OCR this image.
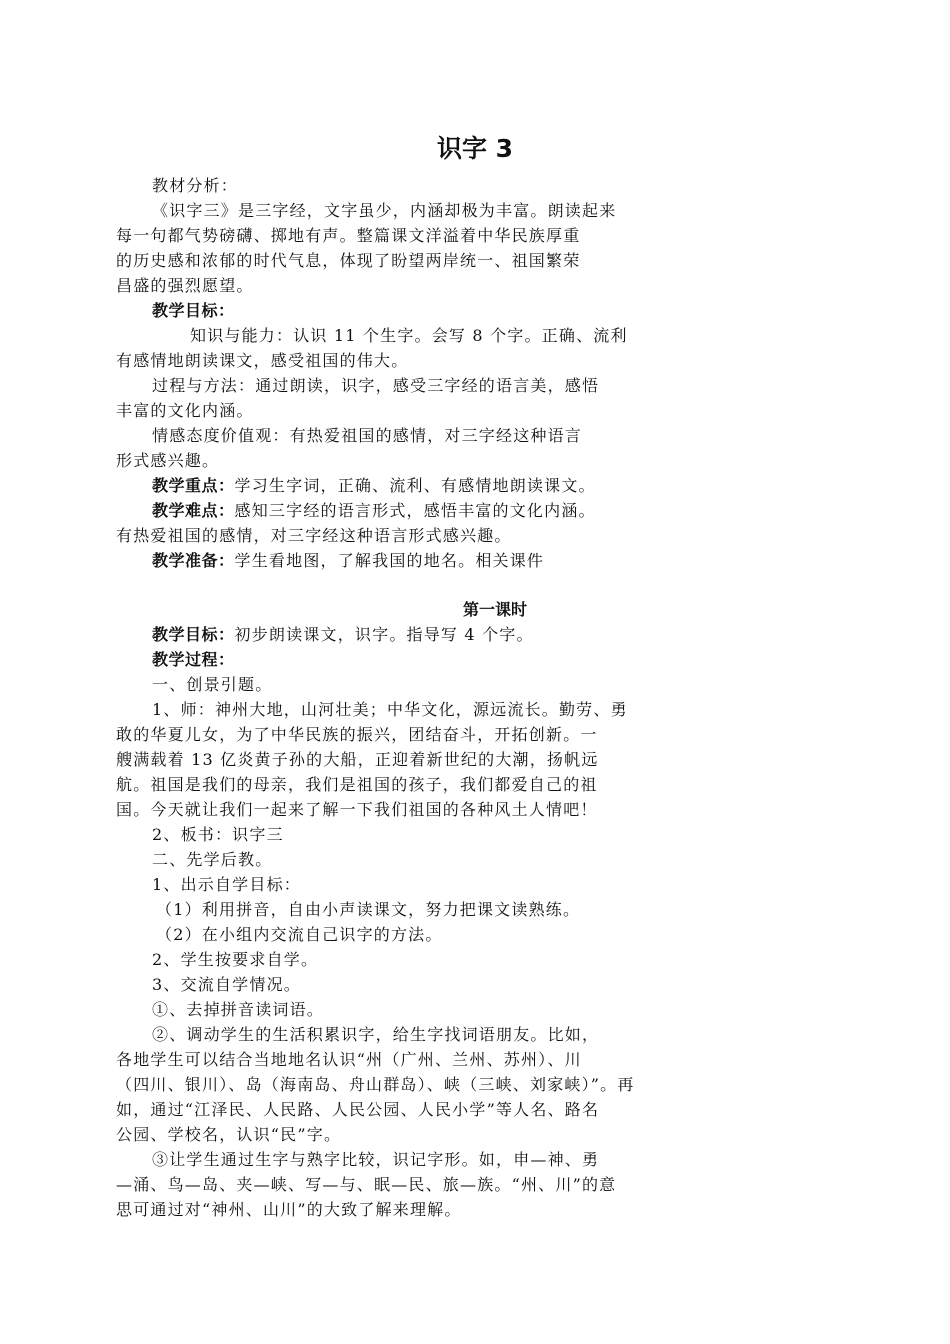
识字 3
教材分析：
《识字三》是三字经，文字虽少，内涵却极为丰富。朗读起来
每一句都气势磅礴、掷地有声。整篇课文洋溢着中华民族厚重
的历史感和浓郁的时代气息，体现了盼望两岸统一、祖国繁荣
昌盛的强烈愿望。
教学目标：
知识与能力：认识 11 个生字。会写 8 个字。正确、流利
有感情地朗读课文，感受祖国的伟大。
过程与方法：通过朗读，识字，感受三字经的语言美，感悟
丰富的文化内涵。
情感态度价值观：有热爱祖国的感情，对三字经这种语言
形式感兴趣。
教学重点：学习生字词，正确、流利、有感情地朗读课文。
教学难点：感知三字经的语言形式，感悟丰富的文化内涵。
有热爱祖国的感情，对三字经这种语言形式感兴趣。
教学准备：学生看地图，了解我国的地名。相关课件
第一课时
教学目标：初步朗读课文，识字。指导写 4 个字。
教学过程：
一、创景引题。
1、师：神州大地，山河壮美；中华文化，源远流长。勤劳、勇
敢的华夏儿女，为了中华民族的振兴，团结奋斗，开拓创新。一
艘满载着 13 亿炎黄子孙的大船，正迎着新世纪的大潮，扬帆远
航。祖国是我们的母亲，我们是祖国的孩子，我们都爱自己的祖
国。今天就让我们一起来了解一下我们祖国的各种风土人情吧！
2、板书：识字三
二、先学后教。
1、出示自学目标：
（1）利用拼音，自由小声读课文，努力把课文读熟练。
（2）在小组内交流自己识字的方法。
2、学生按要求自学。
3、交流自学情况。
①、去掉拼音读词语。
②、调动学生的生活积累识字，给生字找词语朋友。比如，
各地学生可以结合当地地名认识“州（广州、兰州、苏州）、川
（四川、银川）、岛（海南岛、舟山群岛）、峡（三峡、刘家峡）”。再
如，通过“江泽民、人民路、人民公园、人民小学”等人名、路名
公园、学校名，认识“民”字。
③让学生通过生字与熟字比较，识记字形。如，申—神、勇
—涌、鸟—岛、夹—峡、写—与、眠—民、旅—族。“州、川”的意
思可通过对“神州、山川”的大致了解来理解。
